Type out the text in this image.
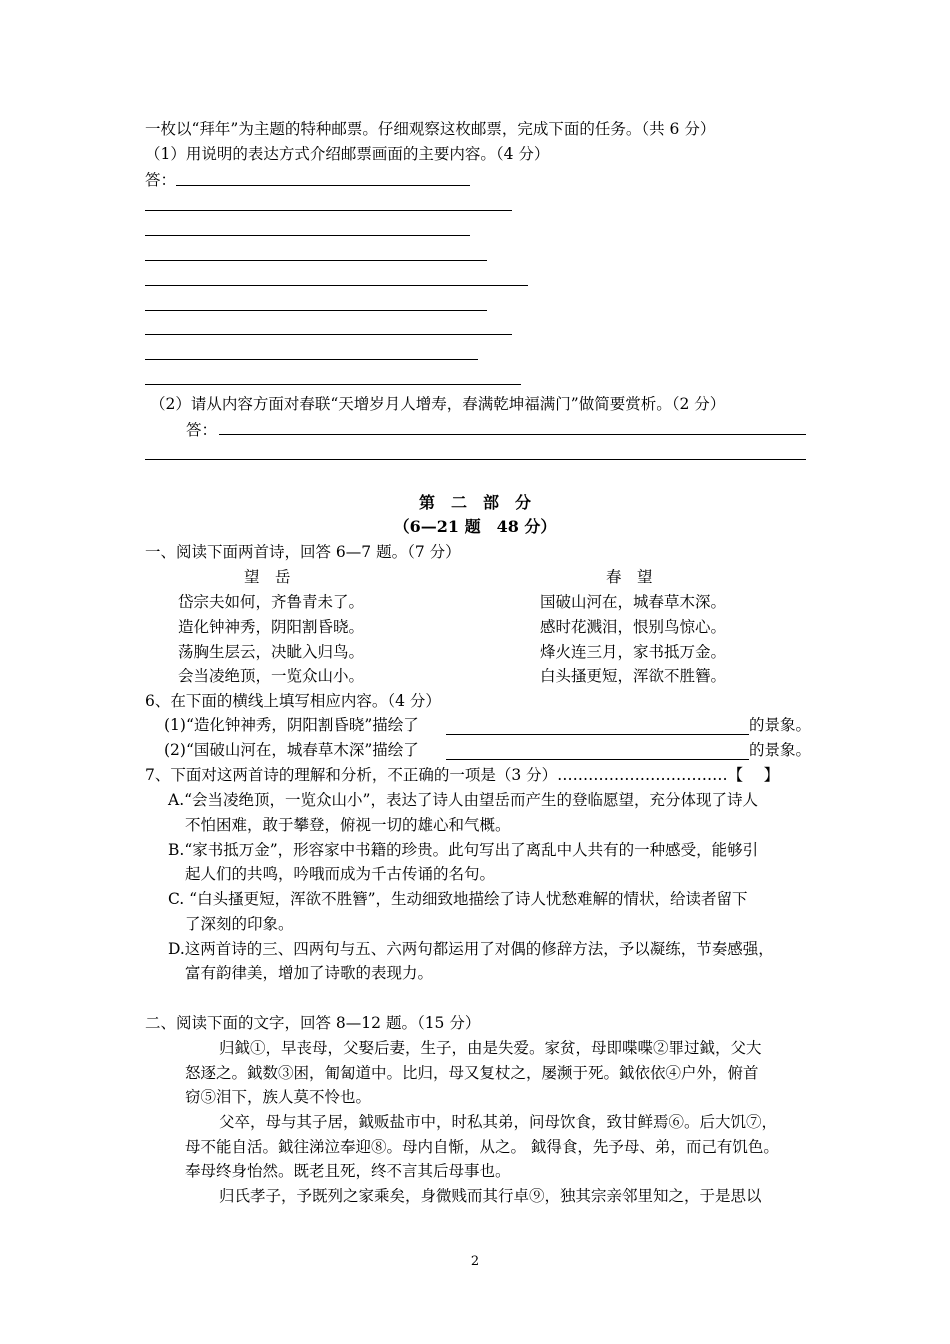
一枚以“拜年”为主题的特种邮票。仔细观察这枚邮票，完成下面的任务。（共 6 分）
（1）用说明的表达方式介绍邮票画面的主要内容。（4 分）
答：
（2）请从内容方面对春联“天增岁月人增寿，春满乾坤福满门”做简要赏析。（2 分）
答：
第　二　部　分
（6—21 题　48 分）
一、阅读下面两首诗，回答 6—7 题。（7 分）
望　岳
岱宗夫如何，齐鲁青未了。
造化钟神秀，阴阳割昏晓。
荡胸生层云，决眦入归鸟。
会当凌绝顶，一览众山小。
春　望
国破山河在，城春草木深。
感时花溅泪，恨别鸟惊心。
烽火连三月，家书抵万金。
白头搔更短，浑欲不胜簪。
6、在下面的横线上填写相应内容。（4 分）
(1)“造化钟神秀，阴阳割昏晓”描绘了	的景象。
(2)“国破山河在，城春草木深”描绘了	的景象。
7、下面对这两首诗的理解和分析，不正确的一项是（3 分）……………………………【　 】
A.“会当凌绝顶，一览众山小”，表达了诗人由望岳而产生的登临愿望，充分体现了诗人
不怕困难，敢于攀登，俯视一切的雄心和气概。
B.“家书抵万金”，形容家中书籍的珍贵。此句写出了离乱中人共有的一种感受，能够引
起人们的共鸣，吟哦而成为千古传诵的名句。
C. “白头搔更短，浑欲不胜簪”，生动细致地描绘了诗人忧愁难解的情状，给读者留下
了深刻的印象。
D.这两首诗的三、四两句与五、六两句都运用了对偶的修辞方法，予以凝练，节奏感强，
富有韵律美，增加了诗歌的表现力。
二、阅读下面的文字，回答 8—12 题。（15 分）
归鉞①，早丧母，父娶后妻，生子，由是失爱。家贫，母即喋喋②罪过鉞，父大
怒逐之。鉞数③困，匍匐道中。比归，母又复杖之，屡濒于死。鉞依依④户外，俯首
窃⑤泪下，族人莫不怜也。
父卒，母与其子居，鉞贩盐市中，时私其弟，问母饮食，致甘鲜焉⑥。后大饥⑦，
母不能自活。鉞往涕泣奉迎⑧。母内自惭，从之。 鉞得食，先予母、弟，而己有饥色。
奉母终身怡然。既老且死，终不言其后母事也。
归氏孝子，予既列之家乘矣，身微贱而其行卓⑨，独其宗亲邻里知之，于是思以
2
